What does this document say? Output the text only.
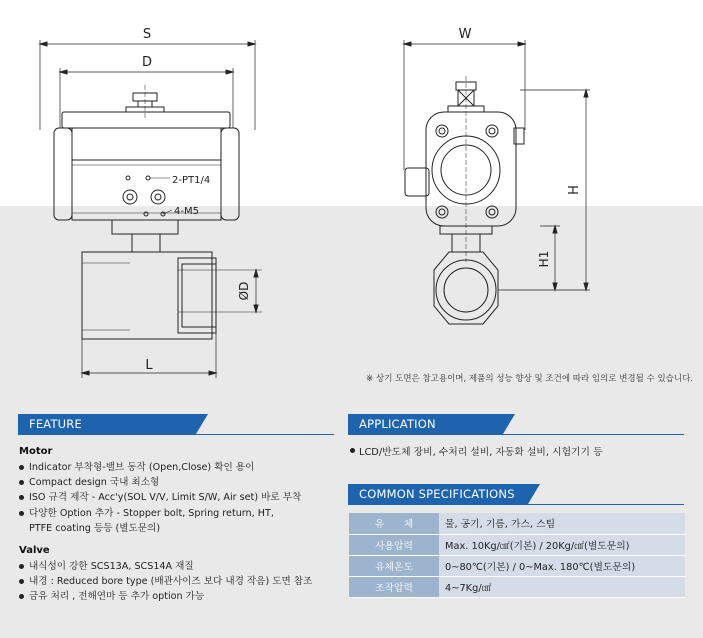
S
D
2-PT1/4
4-M5
ØD
L
W
H
H1
※ 상기 도면은 참고용이며, 제품의 성능 향상 및 조건에 따라 임의로 변경될 수 있습니다.
FEATURE
Motor
Indicator 부착형-밸브 동작 (Open,Close) 확인 용이
Compact design 국내 최소형
ISO 규격 제작 - Acc'y(SOL V/V, Limit S/W, Air set) 바로 부착
다양한 Option 추가 - Stopper bolt, Spring return, HT,
PTFE coating 등등 (별도문의)
Valve
내식성이 강한 SCS13A, SCS14A 재질
내경 : Reduced bore type (배관사이즈 보다 내경 작음) 도면 참조
금유 처리 , 전해연마 등 추가 option 가능
APPLICATION
LCD/반도체 장비, 수처리 설비, 자동화 설비, 시험기기 등
COMMON SPECIFICATIONS
유　　체	물, 공기, 기름, 가스, 스팀
사용압력	Max. 10Kg/㎠(기본) / 20Kg/㎠(별도문의)
유체온도	0~80℃(기본) / 0~Max. 180℃(별도문의)
조작압력	4~7Kg/㎠
